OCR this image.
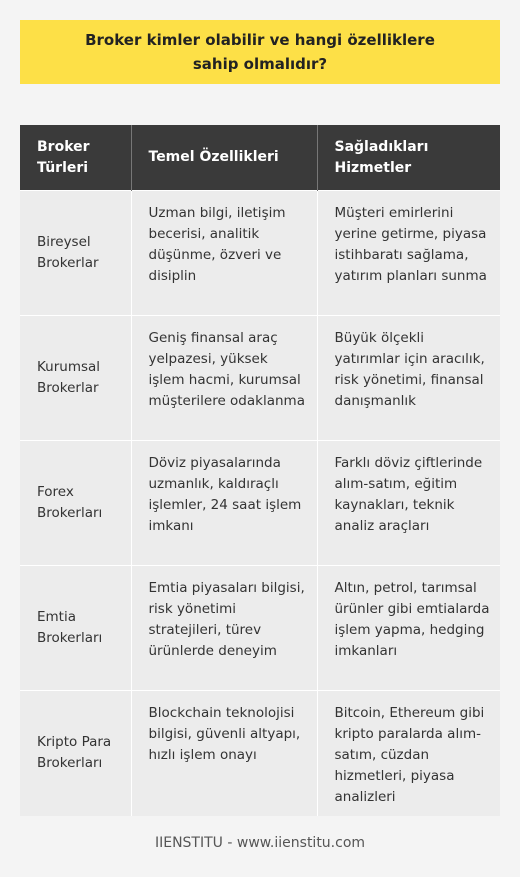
Broker kimler olabilir ve hangi özelliklere sahip olmalıdır?
Broker Türleri	Temel Özellikleri	Sağladıkları Hizmetler
Bireysel Brokerlar	Uzman bilgi, iletişim becerisi, analitik düşünme, özveri ve disiplin	Müşteri emirlerini yerine getirme, piyasa istihbaratı sağlama, yatırım planları sunma
Kurumsal Brokerlar	Geniş finansal araç yelpazesi, yüksek işlem hacmi, kurumsal müşterilere odaklanma	Büyük ölçekli yatırımlar için aracılık, risk yönetimi, finansal danışmanlık
Forex Brokerları	Döviz piyasalarında uzmanlık, kaldıraçlı işlemler, 24 saat işlem imkanı	Farklı döviz çiftlerinde alım-satım, eğitim kaynakları, teknik analiz araçları
Emtia Brokerları	Emtia piyasaları bilgisi, risk yönetimi stratejileri, türev ürünlerde deneyim	Altın, petrol, tarımsal ürünler gibi emtialarda işlem yapma, hedging imkanları
Kripto Para Brokerları	Blockchain teknolojisi bilgisi, güvenli altyapı, hızlı işlem onayı	Bitcoin, Ethereum gibi kripto paralarda alım-satım, cüzdan hizmetleri, piyasa analizleri
IIENSTITU - www.iienstitu.com
